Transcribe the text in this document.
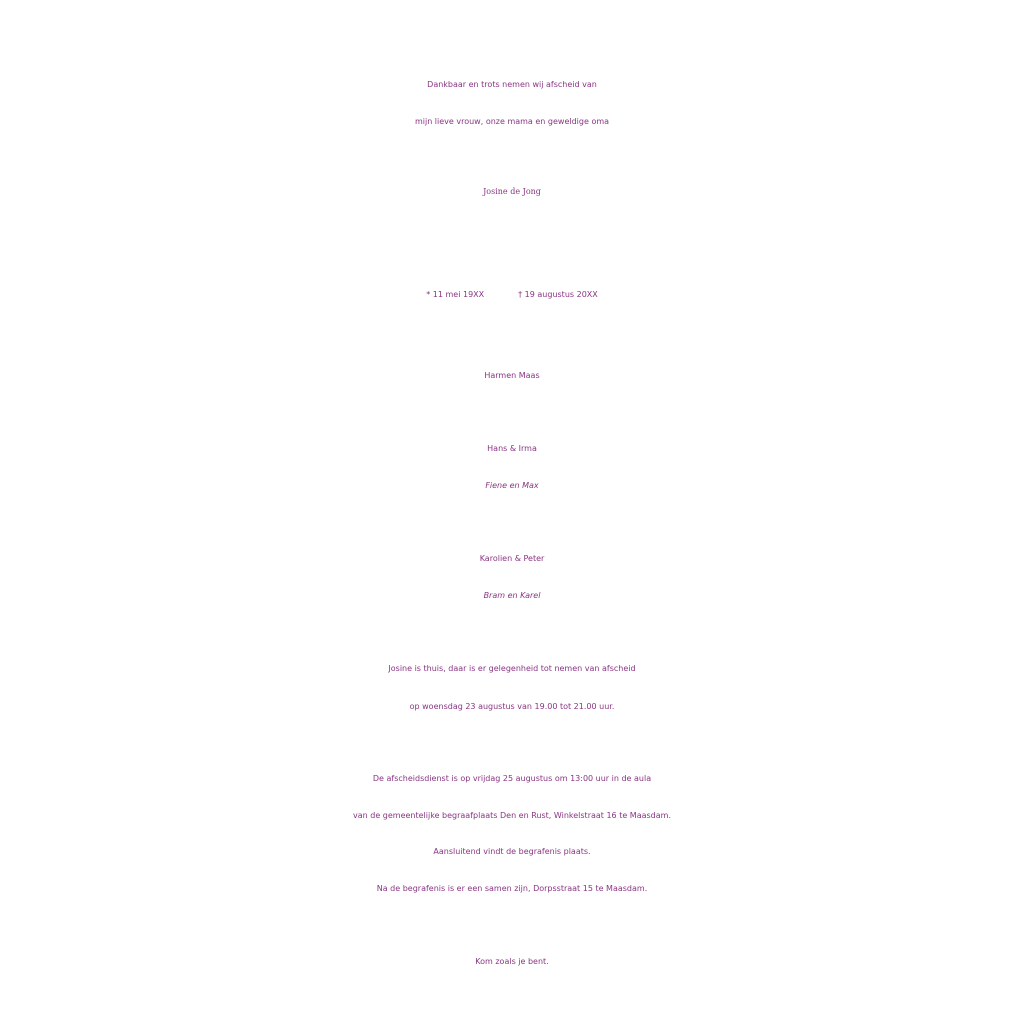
Dankbaar en trots nemen wij afscheid van
mijn lieve vrouw, onze mama en geweldige oma
Josine de Jong
* 11 mei 19XX	† 19 augustus 20XX
Harmen Maas
Hans & Irma
Fiene en Max
Karolien & Peter
Bram en Karel
Josine is thuis, daar is er gelegenheid tot nemen van afscheid
op woensdag 23 augustus van 19.00 tot 21.00 uur.
De afscheidsdienst is op vrijdag 25 augustus om 13:00 uur in de aula
van de gemeentelijke begraafplaats Den en Rust, Winkelstraat 16 te Maasdam.
Aansluitend vindt de begrafenis plaats.
Na de begrafenis is er een samen zijn, Dorpsstraat 15 te Maasdam.
Kom zoals je bent.
